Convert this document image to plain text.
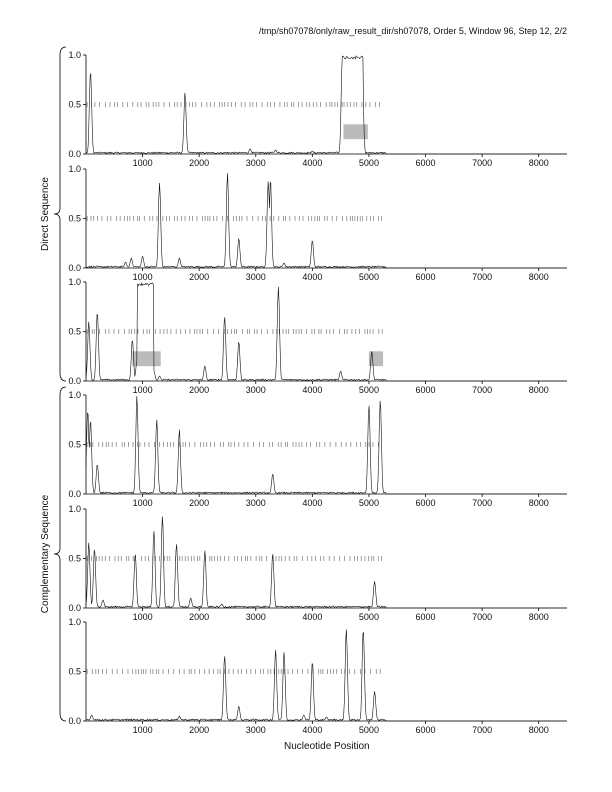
/tmp/sh07078/only/raw_result_dir/sh07078, Order 5, Window 96, Step 12, 2/2
0.0
0.5
1.0
1000	2000	3000	4000	5000	6000	7000	8000
0.0
0.5
1.0
1000	2000	3000	4000	5000	6000	7000	8000
0.0
0.5
1.0
1000	2000	3000	4000	5000	6000	7000	8000
0.0
0.5
1.0
1000	2000	3000	4000	5000	6000	7000	8000
0.0
0.5
1.0
1000	2000	3000	4000	5000	6000	7000	8000
0.0
0.5
1.0
1000	2000	3000	4000	5000	6000	7000	8000
Direct Sequence
Complementary Sequence
Nucleotide Position
